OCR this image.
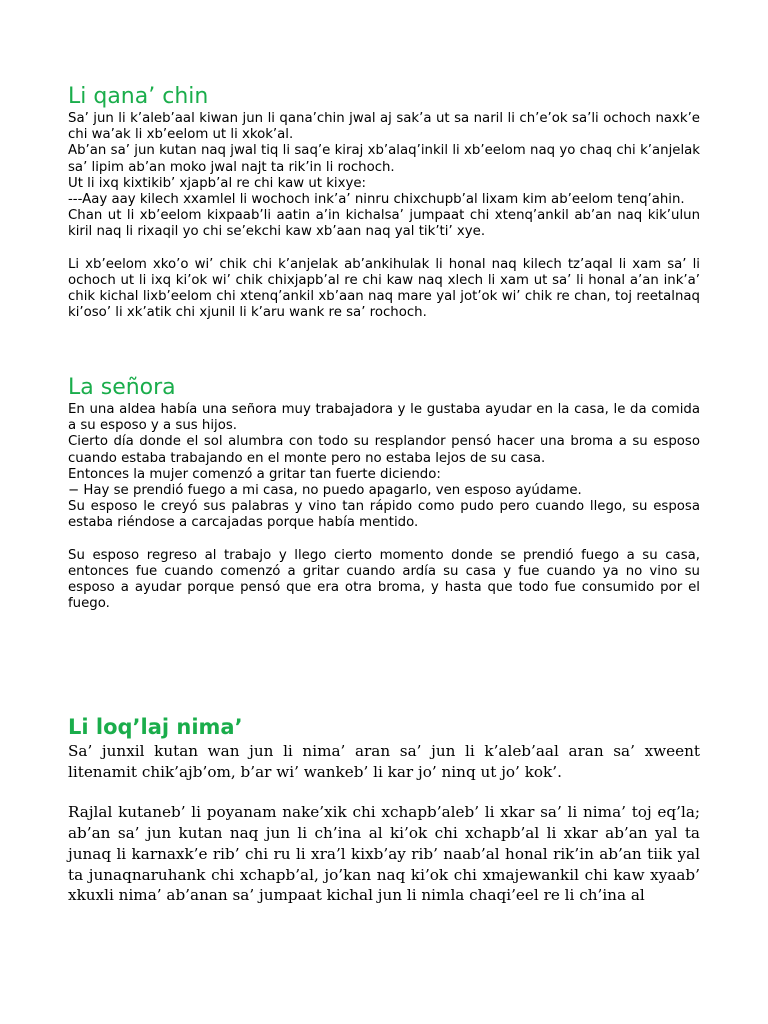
Li qana’ chin

Sa’ jun li k’aleb’aal kiwan jun li qana’chin jwal aj sak’a ut sa naril li ch’e’ok sa’li ochoch naxk’e chi wa’ak li xb’eelom ut li xkok’al.

Ab’an sa’ jun kutan naq jwal tiq li saq’e kiraj xb’alaq’inkil li xb’eelom naq yo chaq chi k’anjelak sa’ lipim ab’an moko jwal najt ta rik’in li rochoch.

Ut li ixq kixtikib’ xjapb’al re chi kaw ut kixye:

---Aay aay kilech xxamlel li wochoch ink’a’ ninru chixchupb’al lixam kim ab’eelom tenq’ahin.

Chan ut li xb’eelom kixpaab’li aatin a’in kichalsa’ jumpaat chi xtenq’ankil ab’an naq kik’ulun kiril naq li rixaqil yo chi se’ekchi kaw xb’aan naq yal tik’ti’ xye.

Li xb’eelom xko’o wi’ chik chi k’anjelak ab’ankihulak li honal naq kilech tz’aqal li xam sa’ li ochoch ut li ixq ki’ok wi’ chik chixjapb’al re chi kaw naq xlech li xam ut sa’ li honal a’an ink’a’ chik kichal lixb’eelom chi xtenq’ankil xb’aan naq mare yal jot’ok wi’ chik re chan, toj reetalnaq ki’oso’ li xk’atik chi xjunil li k’aru wank re sa’ rochoch.

La señora

En una aldea había una señora muy trabajadora y le gustaba ayudar en la casa, le da comida a su esposo y a sus hijos.

Cierto día donde el sol alumbra con todo su resplandor pensó hacer una broma a su esposo cuando estaba trabajando en el monte pero no estaba lejos de su casa.

Entonces la mujer comenzó a gritar tan fuerte diciendo:

− Hay se prendió fuego a mi casa, no puedo apagarlo, ven esposo ayúdame.

Su esposo le creyó sus palabras y vino tan rápido como pudo pero cuando llego, su esposa estaba riéndose a carcajadas porque había mentido.

Su esposo regreso al trabajo y llego cierto momento donde se prendió fuego a su casa, entonces fue cuando comenzó a gritar cuando ardía su casa y fue cuando ya no vino su esposo a ayudar porque pensó que era otra broma, y hasta que todo fue consumido por el fuego.

Li loq’laj nima’

Sa’ junxil kutan wan jun li nima’ aran sa’ jun li k’aleb’aal aran sa’ xweent litenamit chik’ajb’om, b’ar wi’ wankeb’ li kar jo’ ninq ut jo’ kok’.

Rajlal kutaneb’ li poyanam nake’xik chi xchapb’aleb’ li xkar sa’ li nima’ toj eq’la; ab’an sa’ jun kutan naq jun li ch’ina al ki’ok chi xchapb’al li xkar ab’an yal ta junaq li karnaxk’e rib’ chi ru li xra’l kixb’ay rib’ naab’al honal rik’in ab’an tiik yal ta junaqnaruhank chi xchapb’al, jo’kan naq ki’ok chi xmajewankil chi kaw xyaab’ xkuxli nima’ ab’anan sa’ jumpaat kichal jun li nimla chaqi’eel re li ch’ina al
